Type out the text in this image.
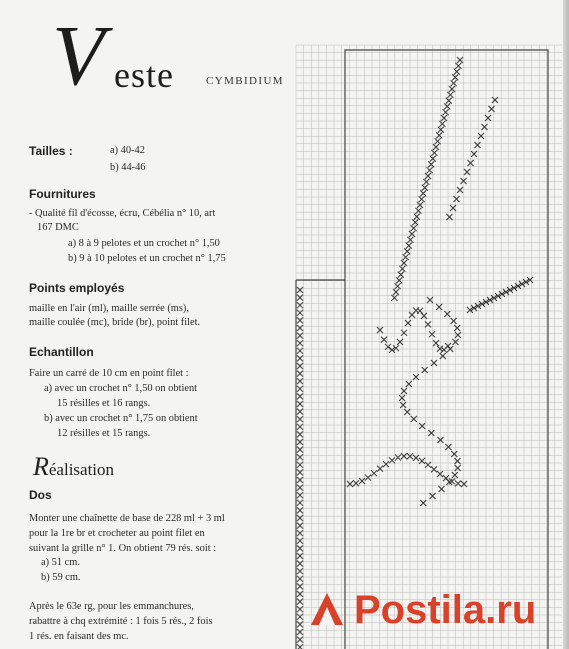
V este	CYMBIDIUM
Tailles :	a) 40-42
b) 44-46
Fournitures
- Qualité fil d'écosse, écru, Cébélia n° 10, art
167 DMC
a) 8 à 9 pelotes et un crochet n° 1,50
b) 9 à 10 pelotes et un crochet n° 1,75
Points employés
maille en l'air (ml), maille serrée (ms),
maille coulée (mc), bride (br), point filet.
Echantillon
Faire un carré de 10 cm en point filet :
a) avec un crochet n° 1,50 on obtient
15 résilles et 16 rangs.
b) avec un crochet n° 1,75 on obtient
12 résilles et 15 rangs.
Réalisation
Dos
Monter une chaînette de base de 228 ml + 3 ml
pour la 1re br et crocheter au point filet en
suivant la grille n° 1. On obtient 79 rés. soit :
a) 51 cm.
b) 59 cm.
Après le 63e rg, pour les emmanchures,
rabattre à chq extrémité : 1 fois 5 rés., 2 fois
1 rés. en faisant des mc.
Postila.ru
